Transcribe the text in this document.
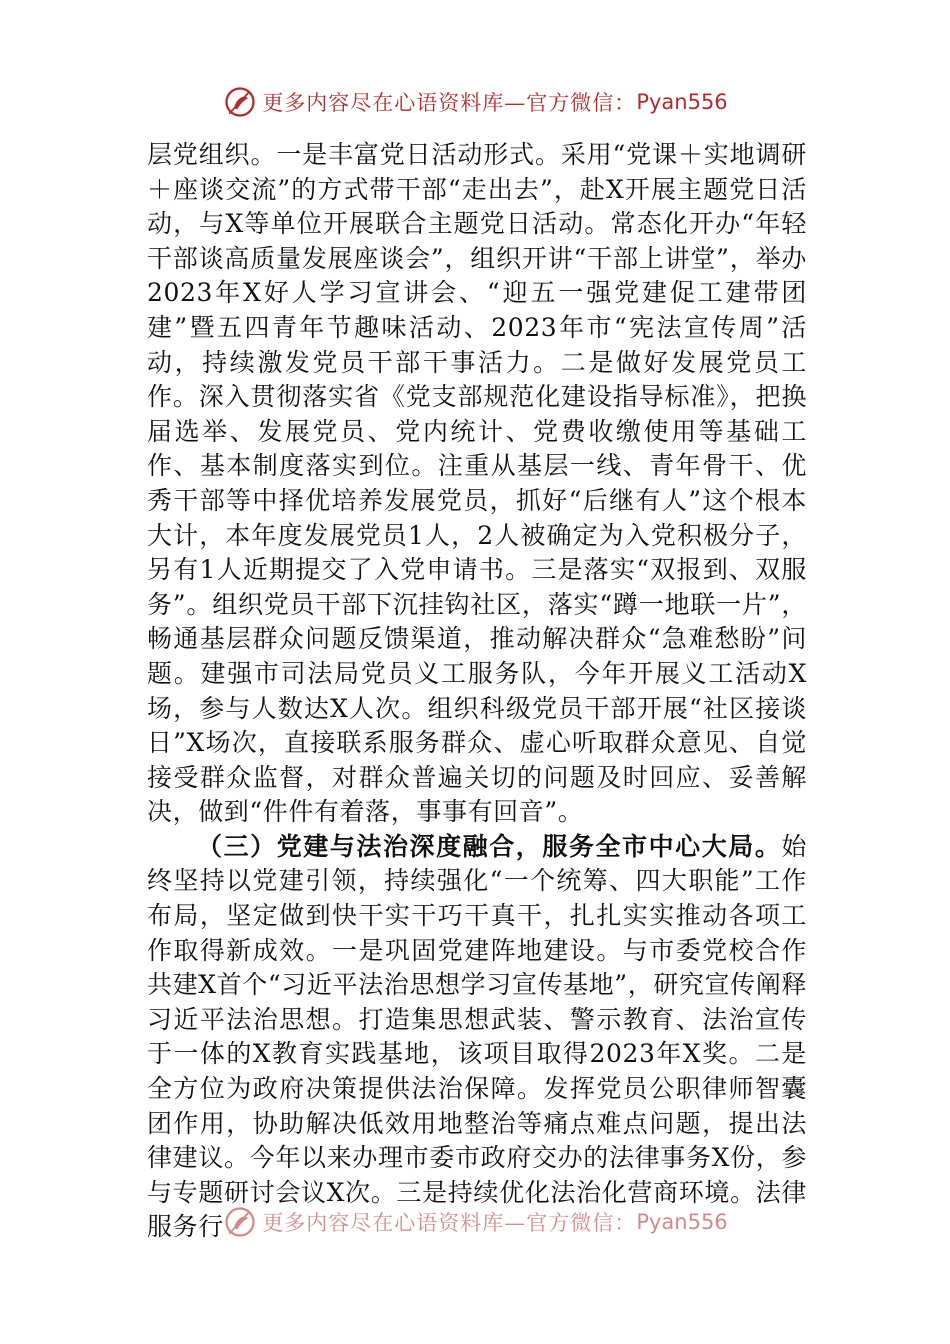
更多内容尽在心语资料库—官方微信： Pyan556

层党组织。一是丰富党日活动形式。采用“党课＋实地调研＋座谈交流”的方式带干部“走出去”，赴X开展主题党日活动，与X等单位开展联合主题党日活动。常态化开办“年轻干部谈高质量发展座谈会”，组织开讲“干部上讲堂”，举办2023年X好人学习宣讲会、“迎五一强党建促工建带团建”暨五四青年节趣味活动、2023年市“宪法宣传周”活动，持续激发党员干部干事活力。二是做好发展党员工作。深入贯彻落实省《党支部规范化建设指导标准》，把换届选举、发展党员、党内统计、党费收缴使用等基础工作、基本制度落实到位。注重从基层一线、青年骨干、优秀干部等中择优培养发展党员，抓好“后继有人”这个根本大计，本年度发展党员1人，2人被确定为入党积极分子，另有1人近期提交了入党申请书。三是落实“双报到、双服务”。组织党员干部下沉挂钩社区，落实“蹲一地联一片”，畅通基层群众问题反馈渠道，推动解决群众“急难愁盼”问题。建强市司法局党员义工服务队，今年开展义工活动X场，参与人数达X人次。组织科级党员干部开展“社区接谈日”X场次，直接联系服务群众、虚心听取群众意见、自觉接受群众监督，对群众普遍关切的问题及时回应、妥善解决，做到“件件有着落，事事有回音”。

（三）党建与法治深度融合，服务全市中心大局。始终坚持以党建引领，持续强化“一个统筹、四大职能”工作布局，坚定做到快干实干巧干真干，扎扎实实推动各项工作取得新成效。一是巩固党建阵地建设。与市委党校合作共建X首个“习近平法治思想学习宣传基地”，研究宣传阐释习近平法治思想。打造集思想武装、警示教育、法治宣传于一体的X教育实践基地，该项目取得2023年X奖。二是全方位为政府决策提供法治保障。发挥党员公职律师智囊团作用，协助解决低效用地整治等痛点难点问题，提出法律建议。今年以来办理市委市政府交办的法律事务X份，参与专题研讨会议X次。三是持续优化法治化营商环境。法律服务行	更多内容尽在心语资料库—官方微信： Pyan556
